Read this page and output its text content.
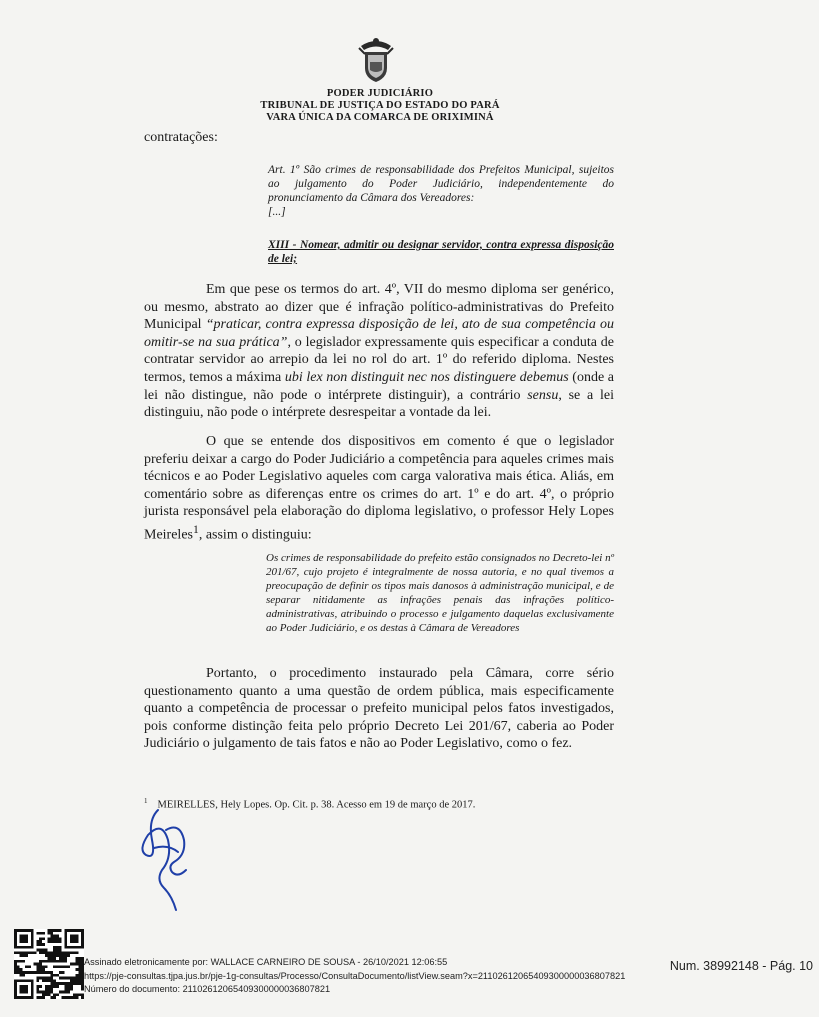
PODER JUDICIÁRIO
TRIBUNAL DE JUSTIÇA DO ESTADO DO PARÁ
VARA ÚNICA DA COMARCA DE ORIXIMINÁ
contratações:

Art. 1º São crimes de responsabilidade dos Prefeitos Municipal, sujeitos ao julgamento do Poder Judiciário, independentemente do pronunciamento da Câmara dos Vereadores:

[...]

XIII - Nomear, admitir ou designar servidor, contra expressa disposição de lei;

Em que pese os termos do art. 4º, VII do mesmo diploma ser genérico, ou mesmo, abstrato ao dizer que é infração político-administrativas do Prefeito Municipal “praticar, contra expressa disposição de lei, ato de sua competência ou omitir-se na sua prática”, o legislador expressamente quis especificar a conduta de contratar servidor ao arrepio da lei no rol do art. 1º do referido diploma. Nestes termos, temos a máxima ubi lex non distinguit nec nos distinguere debemus (onde a lei não distingue, não pode o intérprete distinguir), a contrário sensu, se a lei distinguiu, não pode o intérprete desrespeitar a vontade da lei.

O que se entende dos dispositivos em comento é que o legislador preferiu deixar a cargo do Poder Judiciário a competência para aqueles crimes mais técnicos e ao Poder Legislativo aqueles com carga valorativa mais ética. Aliás, em comentário sobre as diferenças entre os crimes do art. 1º e do art. 4º, o próprio jurista responsável pela elaboração do diploma legislativo, o professor Hely Lopes Meireles$^1$, assim o distinguiu:

Os crimes de responsabilidade do prefeito estão consignados no Decreto-lei nº 201/67, cujo projeto é integralmente de nossa autoria, e no qual tivemos a preocupação de definir os tipos mais danosos à administração municipal, e de separar nitidamente as infrações penais das infrações político-administrativas, atribuindo o processo e julgamento daquelas exclusivamente ao Poder Judiciário, e os destas à Câmara de Vereadores

Portanto, o procedimento instaurado pela Câmara, corre sério questionamento quanto a uma questão de ordem pública, mais especificamente quanto a competência de processar o prefeito municipal pelos fatos investigados, pois conforme distinção feita pelo próprio Decreto Lei 201/67, caberia ao Poder Judiciário o julgamento de tais fatos e não ao Poder Legislativo, como o fez.

$^1$ MEIRELLES, Hely Lopes. Op. Cit. p. 38. Acesso em 19 de março de 2017.
Assinado eletronicamente por: WALLACE CARNEIRO DE SOUSA - 26/10/2021 12:06:55
https://pje-consultas.tjpa.jus.br/pje-1g-consultas/Processo/ConsultaDocumento/listView.seam?x=21102612065409300000036807821
Número do documento: 21102612065409300000036807821
Num. 38992148 - Pág. 10
